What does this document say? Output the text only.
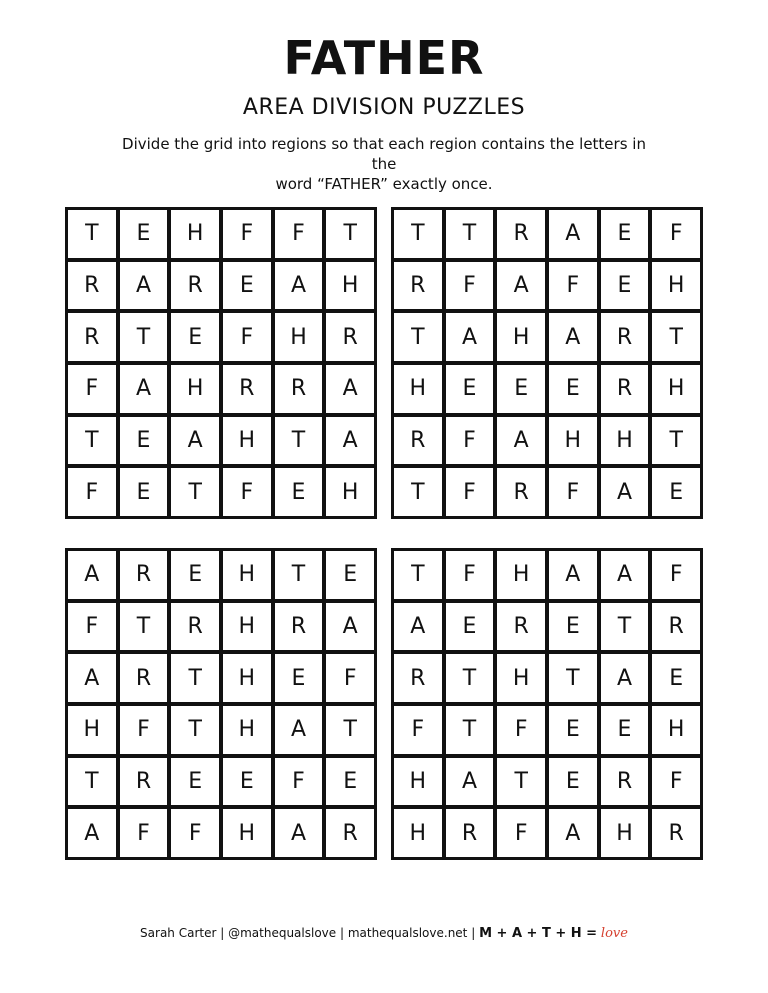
FATHER
AREA DIVISION PUZZLES
Divide the grid into regions so that each region contains the letters in the
word “FATHER” exactly once.
T	E	H	F	F	T
R	A	R	E	A	H
R	T	E	F	H	R
F	A	H	R	R	A
T	E	A	H	T	A
F	E	T	F	E	H
T	T	R	A	E	F
R	F	A	F	E	H
T	A	H	A	R	T
H	E	E	E	R	H
R	F	A	H	H	T
T	F	R	F	A	E
A	R	E	H	T	E
F	T	R	H	R	A
A	R	T	H	E	F
H	F	T	H	A	T
T	R	E	E	F	E
A	F	F	H	A	R
T	F	H	A	A	F
A	E	R	E	T	R
R	T	H	T	A	E
F	T	F	E	E	H
H	A	T	E	R	F
H	R	F	A	H	R
Sarah Carter | @mathequalslove | mathequalslove.net | M + A + T + H = love
